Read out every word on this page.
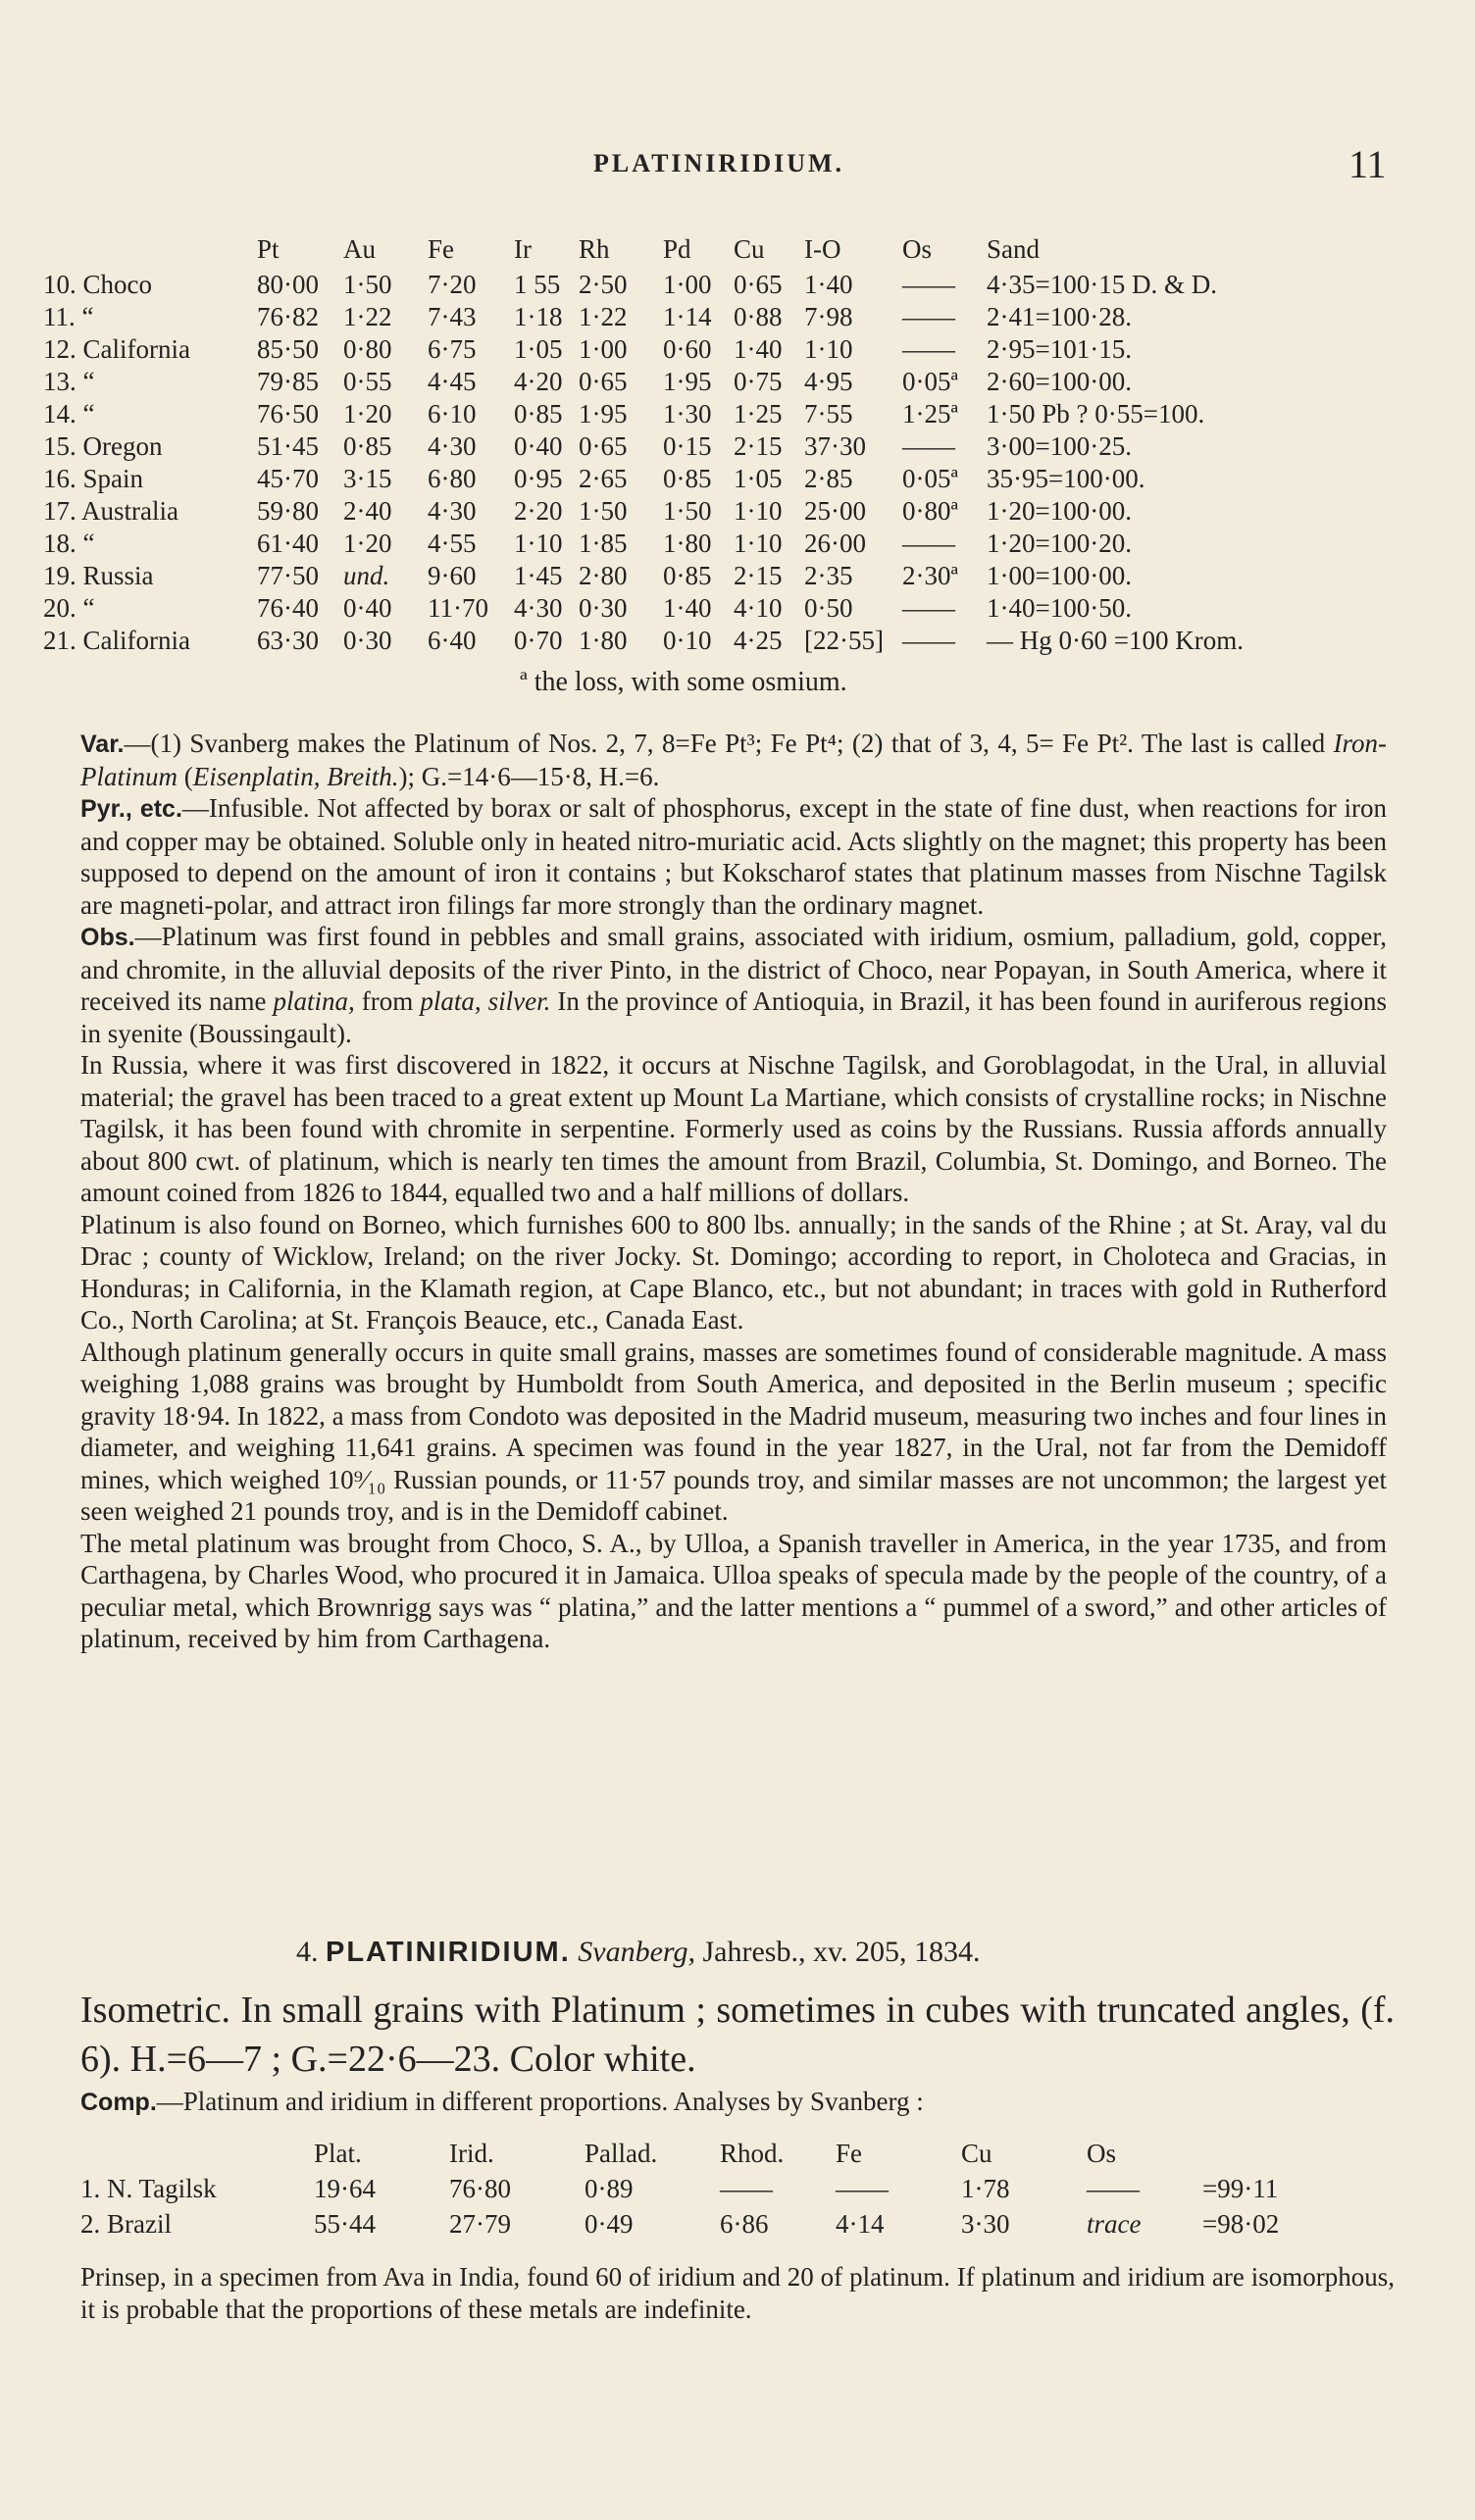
PLATINIRIDIUM.	11
	Pt	Au	Fe	Ir	Rh	Pd	Cu	I-O	Os	Sand
10. Choco	80·00	1·50	7·20	1 55	2·50	1·00	0·65	1·40	——	4·35=100·15 D. & D.
11. “	76·82	1·22	7·43	1·18	1·22	1·14	0·88	7·98	——	2·41=100·28.
12. California	85·50	0·80	6·75	1·05	1·00	0·60	1·40	1·10	——	2·95=101·15.
13. “	79·85	0·55	4·45	4·20	0·65	1·95	0·75	4·95	0·05ª	2·60=100·00.
14. “	76·50	1·20	6·10	0·85	1·95	1·30	1·25	7·55	1·25ª	1·50 Pb ? 0·55=100.
15. Oregon	51·45	0·85	4·30	0·40	0·65	0·15	2·15	37·30	——	3·00=100·25.
16. Spain	45·70	3·15	6·80	0·95	2·65	0·85	1·05	2·85	0·05ª	35·95=100·00.
17. Australia	59·80	2·40	4·30	2·20	1·50	1·50	1·10	25·00	0·80ª	1·20=100·00.
18. “	61·40	1·20	4·55	1·10	1·85	1·80	1·10	26·00	——	1·20=100·20.
19. Russia	77·50	und.	9·60	1·45	2·80	0·85	2·15	2·35	2·30ª	1·00=100·00.
20. “	76·40	0·40	11·70	4·30	0·30	1·40	4·10	0·50	——	1·40=100·50.
21. California	63·30	0·30	6·40	0·70	1·80	0·10	4·25	[22·55]	——	— Hg 0·60 =100 Krom.
ª the loss, with some osmium.

Var.—(1) Svanberg makes the Platinum of Nos. 2, 7, 8=Fe Pt³; Fe Pt⁴; (2) that of 3, 4, 5= Fe Pt². The last is called Iron-Platinum (Eisenplatin, Breith.); G.=14·6—15·8, H.=6.

Pyr., etc.—Infusible. Not affected by borax or salt of phosphorus, except in the state of fine dust, when reactions for iron and copper may be obtained. Soluble only in heated nitro-muriatic acid. Acts slightly on the magnet; this property has been supposed to depend on the amount of iron it contains ; but Kokscharof states that platinum masses from Nischne Tagilsk are magneti-polar, and attract iron filings far more strongly than the ordinary magnet.

Obs.—Platinum was first found in pebbles and small grains, associated with iridium, osmium, palladium, gold, copper, and chromite, in the alluvial deposits of the river Pinto, in the district of Choco, near Popayan, in South America, where it received its name platina, from plata, silver. In the province of Antioquia, in Brazil, it has been found in auriferous regions in syenite (Boussingault).

In Russia, where it was first discovered in 1822, it occurs at Nischne Tagilsk, and Goroblagodat, in the Ural, in alluvial material; the gravel has been traced to a great extent up Mount La Martiane, which consists of crystalline rocks; in Nischne Tagilsk, it has been found with chromite in serpentine. Formerly used as coins by the Russians. Russia affords annually about 800 cwt. of platinum, which is nearly ten times the amount from Brazil, Columbia, St. Domingo, and Borneo. The amount coined from 1826 to 1844, equalled two and a half millions of dollars.

Platinum is also found on Borneo, which furnishes 600 to 800 lbs. annually; in the sands of the Rhine ; at St. Aray, val du Drac ; county of Wicklow, Ireland; on the river Jocky. St. Domingo; according to report, in Choloteca and Gracias, in Honduras; in California, in the Klamath region, at Cape Blanco, etc., but not abundant; in traces with gold in Rutherford Co., North Carolina; at St. François Beauce, etc., Canada East.

Although platinum generally occurs in quite small grains, masses are sometimes found of considerable magnitude. A mass weighing 1,088 grains was brought by Humboldt from South America, and deposited in the Berlin museum ; specific gravity 18·94. In 1822, a mass from Condoto was deposited in the Madrid museum, measuring two inches and four lines in diameter, and weighing 11,641 grains. A specimen was found in the year 1827, in the Ural, not far from the Demidoff mines, which weighed 10⁹⁄₁₀ Russian pounds, or 11·57 pounds troy, and similar masses are not uncommon; the largest yet seen weighed 21 pounds troy, and is in the Demidoff cabinet.

The metal platinum was brought from Choco, S. A., by Ulloa, a Spanish traveller in America, in the year 1735, and from Carthagena, by Charles Wood, who procured it in Jamaica. Ulloa speaks of specula made by the people of the country, of a peculiar metal, which Brownrigg says was “ platina,” and the latter mentions a “ pummel of a sword,” and other articles of platinum, received by him from Carthagena.

4. PLATINIRIDIUM. Svanberg, Jahresb., xv. 205, 1834.
Isometric. In small grains with Platinum ; sometimes in cubes with truncated angles, (f. 6). H.=6—7 ; G.=22·6—23. Color white.
Comp.—Platinum and iridium in different proportions. Analyses by Svanberg :
	Plat.	Irid.	Pallad.	Rhod.	Fe	Cu	Os	
1. N. Tagilsk	19·64	76·80	0·89	——	——	1·78	——	=99·11
2. Brazil	55·44	27·79	0·49	6·86	4·14	3·30	trace	=98·02
Prinsep, in a specimen from Ava in India, found 60 of iridium and 20 of platinum. If platinum and iridium are isomorphous, it is probable that the proportions of these metals are indefinite.
